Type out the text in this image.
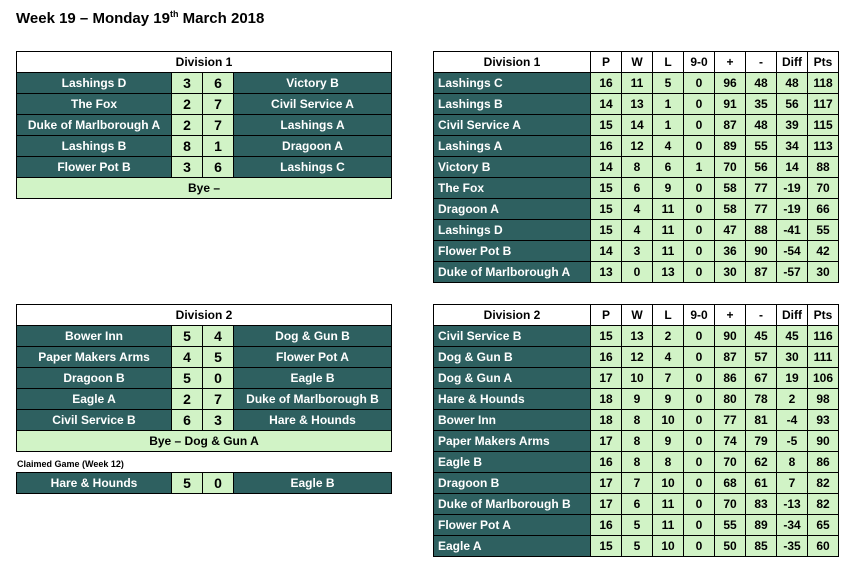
Week 19 – Monday 19th March 2018
Division 1			
Lashings D	3	6	Victory B
The Fox	2	7	Civil Service A
Duke of Marlborough A	2	7	Lashings A
Lashings B	8	1	Dragoon A
Flower Pot B	3	6	Lashings C
Bye –			
Division 2			
Bower Inn	5	4	Dog & Gun B
Paper Makers Arms	4	5	Flower Pot A
Dragoon B	5	0	Eagle B
Eagle A	2	7	Duke of Marlborough B
Civil Service B	6	3	Hare & Hounds
Bye – Dog & Gun A			
Claimed Game (Week 12)
Hare & Hounds	5	0	Eagle B
Division 1	P	W	L	9-0	+	-	Diff	Pts
Lashings C	16	11	5	0	96	48	48	118
Lashings B	14	13	1	0	91	35	56	117
Civil Service A	15	14	1	0	87	48	39	115
Lashings A	16	12	4	0	89	55	34	113
Victory B	14	8	6	1	70	56	14	88
The Fox	15	6	9	0	58	77	-19	70
Dragoon A	15	4	11	0	58	77	-19	66
Lashings D	15	4	11	0	47	88	-41	55
Flower Pot B	14	3	11	0	36	90	-54	42
Duke of Marlborough A	13	0	13	0	30	87	-57	30
Division 2	P	W	L	9-0	+	-	Diff	Pts
Civil Service B	15	13	2	0	90	45	45	116
Dog & Gun B	16	12	4	0	87	57	30	111
Dog & Gun A	17	10	7	0	86	67	19	106
Hare & Hounds	18	9	9	0	80	78	2	98
Bower Inn	18	8	10	0	77	81	-4	93
Paper Makers Arms	17	8	9	0	74	79	-5	90
Eagle B	16	8	8	0	70	62	8	86
Dragoon B	17	7	10	0	68	61	7	82
Duke of Marlborough B	17	6	11	0	70	83	-13	82
Flower Pot A	16	5	11	0	55	89	-34	65
Eagle A	15	5	10	0	50	85	-35	60
